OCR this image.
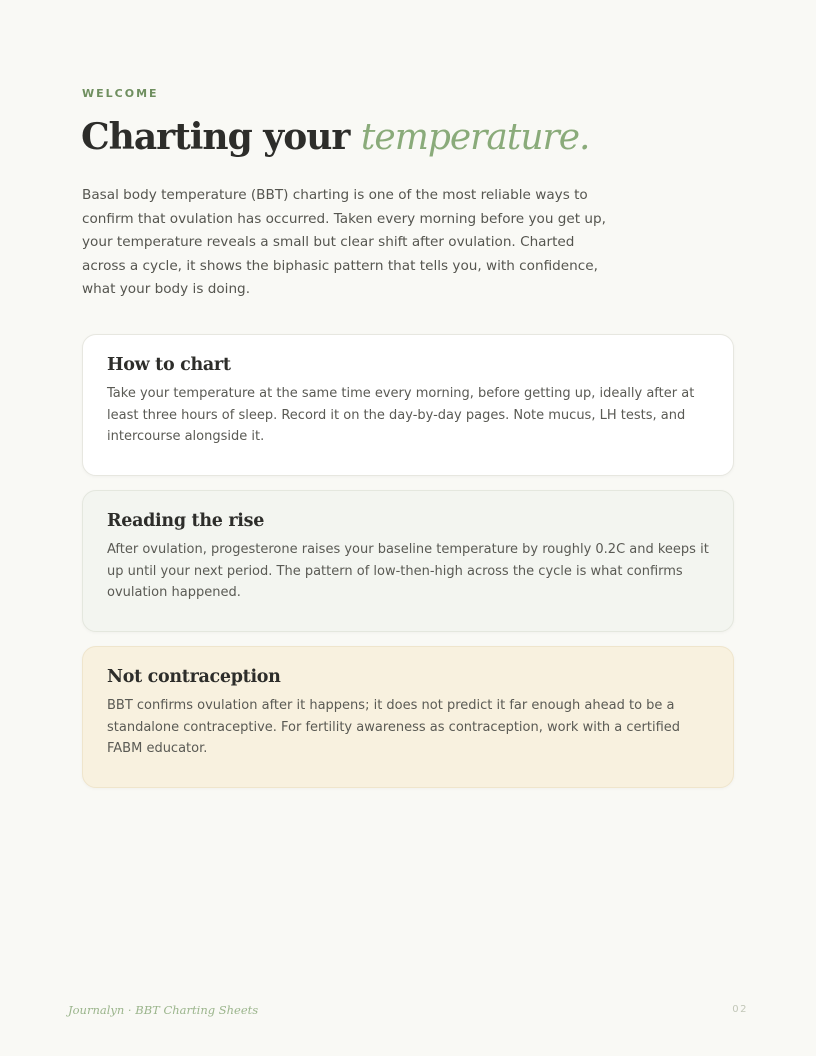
WELCOME
Charting your temperature.

Basal body temperature (BBT) charting is one of the most reliable ways to confirm that ovulation has occurred. Taken every morning before you get up, your temperature reveals a small but clear shift after ovulation. Charted across a cycle, it shows the biphasic pattern that tells you, with confidence, what your body is doing.

How to chart

Take your temperature at the same time every morning, before getting up, ideally after at least three hours of sleep. Record it on the day-by-day pages. Note mucus, LH tests, and intercourse alongside it.

Reading the rise

After ovulation, progesterone raises your baseline temperature by roughly 0.2C and keeps it up until your next period. The pattern of low-then-high across the cycle is what confirms ovulation happened.

Not contraception

BBT confirms ovulation after it happens; it does not predict it far enough ahead to be a standalone contraceptive. For fertility awareness as contraception, work with a certified FABM educator.

Journalyn · BBT Charting Sheets	02
